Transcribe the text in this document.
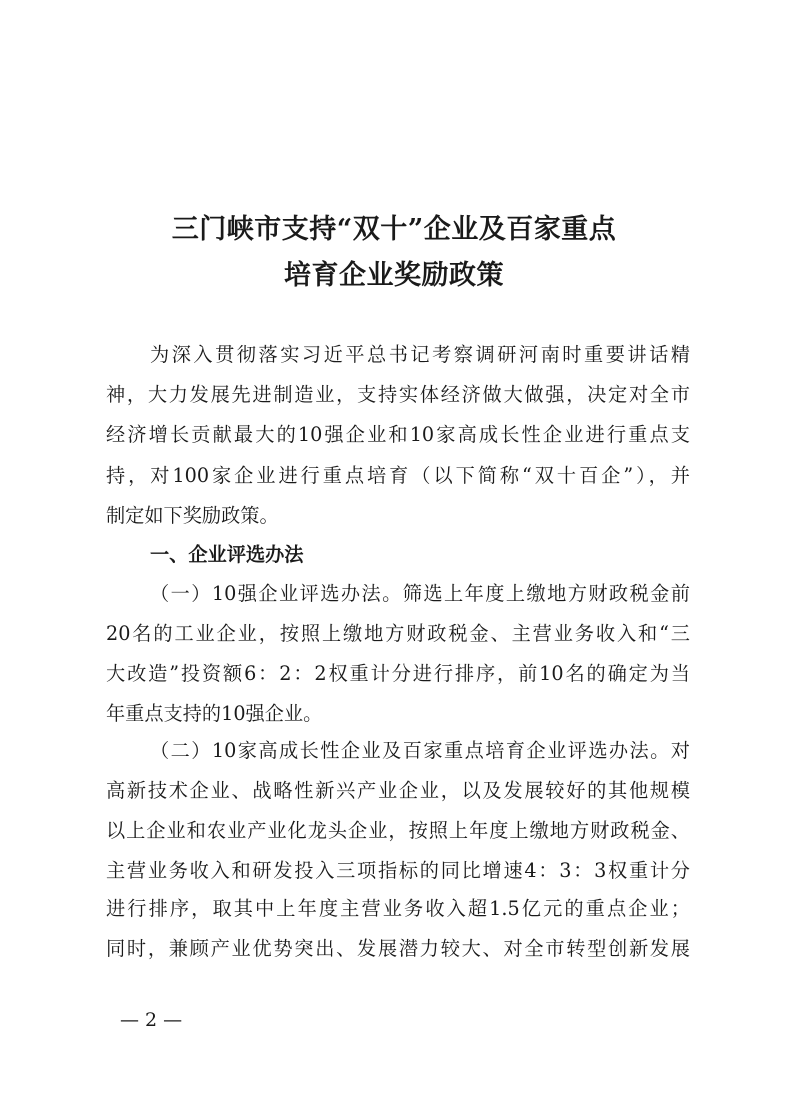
三门峡市支持“双十”企业及百家重点
培育企业奖励政策
为深入贯彻落实习近平总书记考察调研河南时重要讲话精
神，大力发展先进制造业，支持实体经济做大做强，决定对全市
经济增长贡献最大的10强企业和10家高成长性企业进行重点支
持，对100家企业进行重点培育（以下简称“双十百企”），并
制定如下奖励政策。
一、企业评选办法
（一）10强企业评选办法。筛选上年度上缴地方财政税金前
20名的工业企业，按照上缴地方财政税金、主营业务收入和“三
大改造”投资额6：2：2权重计分进行排序，前10名的确定为当
年重点支持的10强企业。
（二）10家高成长性企业及百家重点培育企业评选办法。对
高新技术企业、战略性新兴产业企业，以及发展较好的其他规模
以上企业和农业产业化龙头企业，按照上年度上缴地方财政税金、
主营业务收入和研发投入三项指标的同比增速4：3：3权重计分
进行排序，取其中上年度主营业务收入超1.5亿元的重点企业；
同时，兼顾产业优势突出、发展潜力较大、对全市转型创新发展
— 2 —
